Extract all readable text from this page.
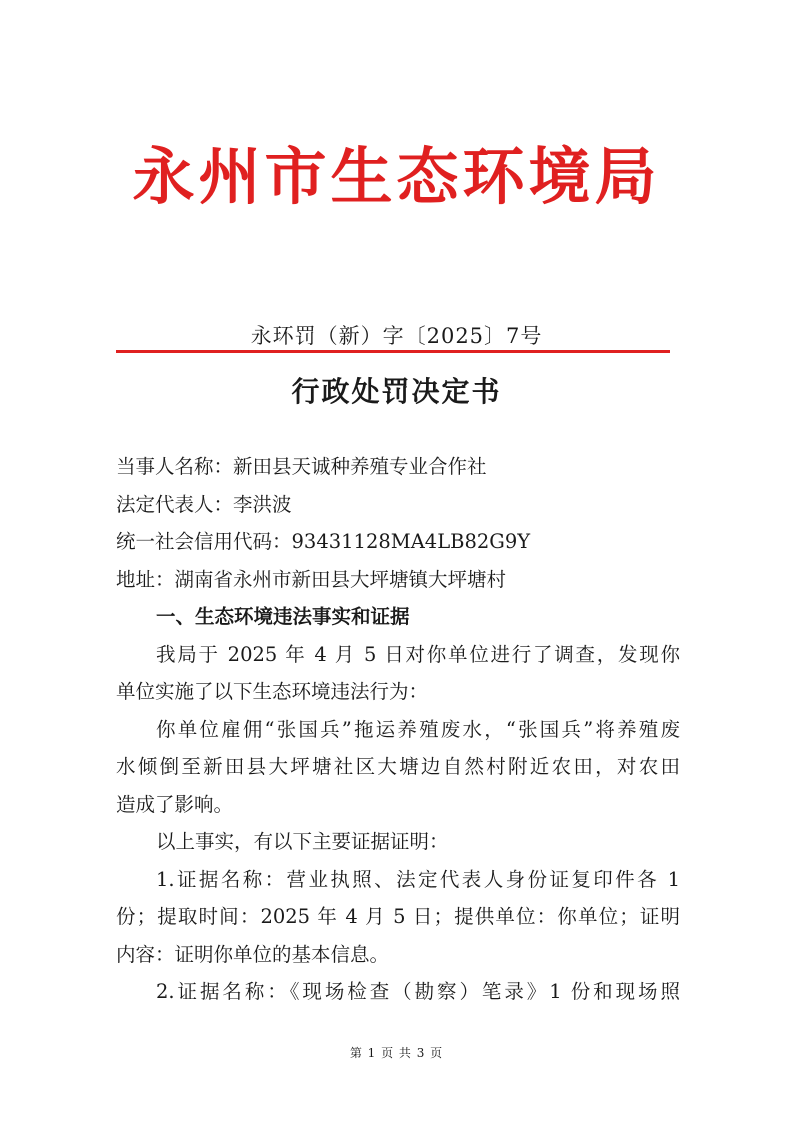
永州市生态环境局
永环罚（新）字〔2025〕7号
行政处罚决定书

当事人名称：新田县天诚种养殖专业合作社

法定代表人：李洪波

统一社会信用代码：93431128MA4LB82G9Y

地址：湖南省永州市新田县大坪塘镇大坪塘村

一、生态环境违法事实和证据

我局于 2025 年 4 月 5 日对你单位进行了调查，发现你

单位实施了以下生态环境违法行为：

你单位雇佣“张国兵”拖运养殖废水，“张国兵”将养殖废

水倾倒至新田县大坪塘社区大塘边自然村附近农田，对农田

造成了影响。

以上事实，有以下主要证据证明：

1.证据名称：营业执照、法定代表人身份证复印件各 1

份；提取时间：2025 年 4 月 5 日；提供单位：你单位；证明

内容：证明你单位的基本信息。

2.证据名称：《现场检查（勘察）笔录》1 份和现场照

第 1 页 共 3 页
